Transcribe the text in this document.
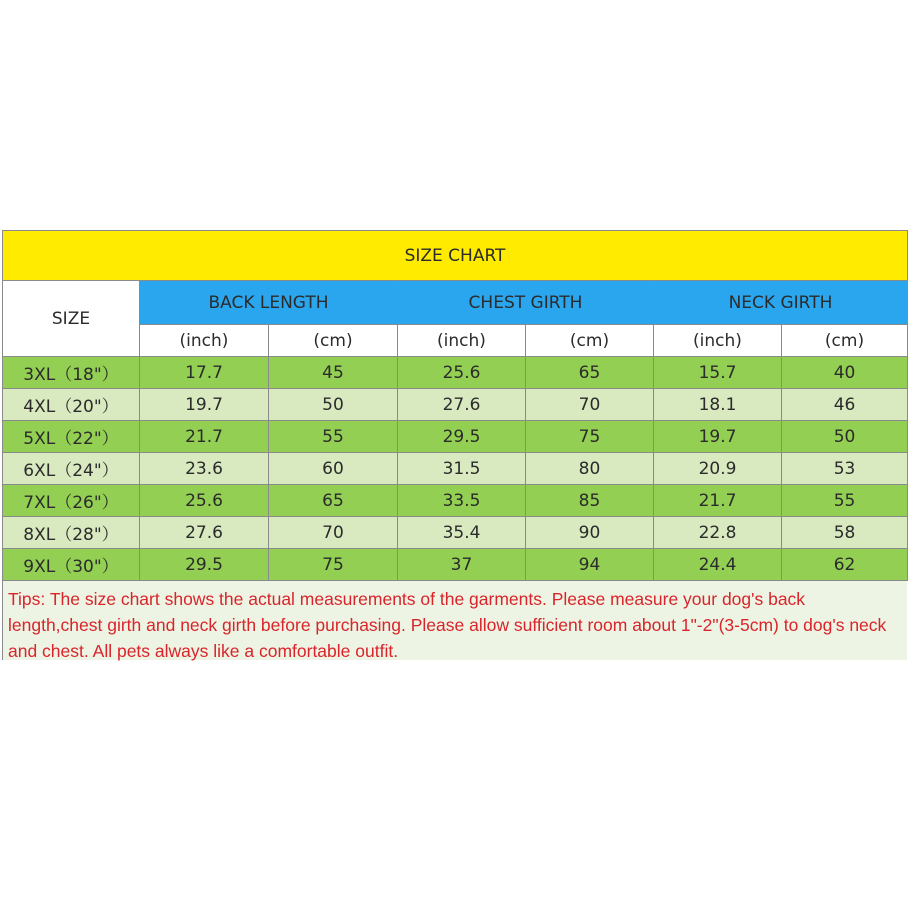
SIZE CHART						
SIZE	BACK LENGTH		CHEST GIRTH		NECK GIRTH	
	(inch)	(cm)	(inch)	(cm)	(inch)	(cm)
3XL（18"）	17.7	45	25.6	65	15.7	40
4XL（20"）	19.7	50	27.6	70	18.1	46
5XL（22"）	21.7	55	29.5	75	19.7	50
6XL（24"）	23.6	60	31.5	80	20.9	53
7XL（26"）	25.6	65	33.5	85	21.7	55
8XL（28"）	27.6	70	35.4	90	22.8	58
9XL（30"）	29.5	75	37	94	24.4	62
Tips: The size chart shows the actual measurements of the garments. Please measure your dog's back length,chest girth and neck girth before purchasing. Please allow sufficient room about 1"-2"(3-5cm) to dog's neck and chest. All pets always like a comfortable outfit.
